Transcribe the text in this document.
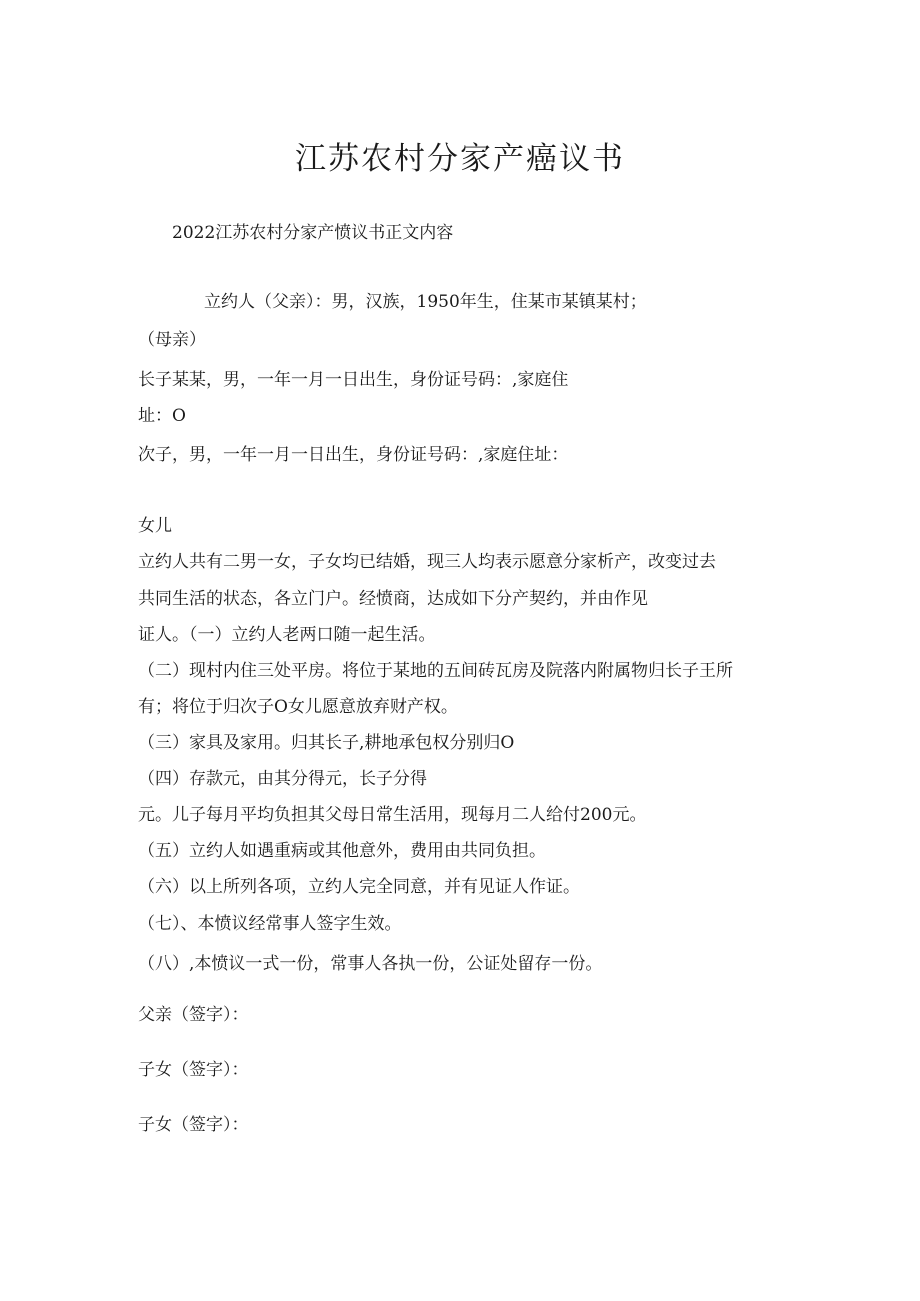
江苏农村分家产癌议书
2022江苏农村分家产愤议书正文内容
立约人（父亲）：男，汉族，1950年生，住某市某镇某村；
（母亲）
长子某某，男，一年一月一日出生，身份证号码：,家庭住
址：O
次子，男，一年一月一日出生，身份证号码：,家庭住址：
女儿
立约人共有二男一女，子女均已结婚，现三人均表示愿意分家析产，改变过去
共同生活的状态，各立门户。经愤商，达成如下分产契约，并由作见
证人。（一）立约人老两口随一起生活。
（二）现村内住三处平房。将位于某地的五间砖瓦房及院落内附属物归长子王所
有；将位于归次子O女儿愿意放弃财产权。
（三）家具及家用。归其长子,耕地承包权分别归O
（四）存款元，由其分得元，长子分得
元。儿子每月平均负担其父母日常生活用，现每月二人给付200元。
（五）立约人如遇重病或其他意外，费用由共同负担。
（六）以上所列各项，立约人完全同意，并有见证人作证。
（七）、本愤议经常事人签字生效。
（八）,本愤议一式一份，常事人各执一份，公证处留存一份。
父亲（签字）：
子女（签字）：
子女（签字）：
